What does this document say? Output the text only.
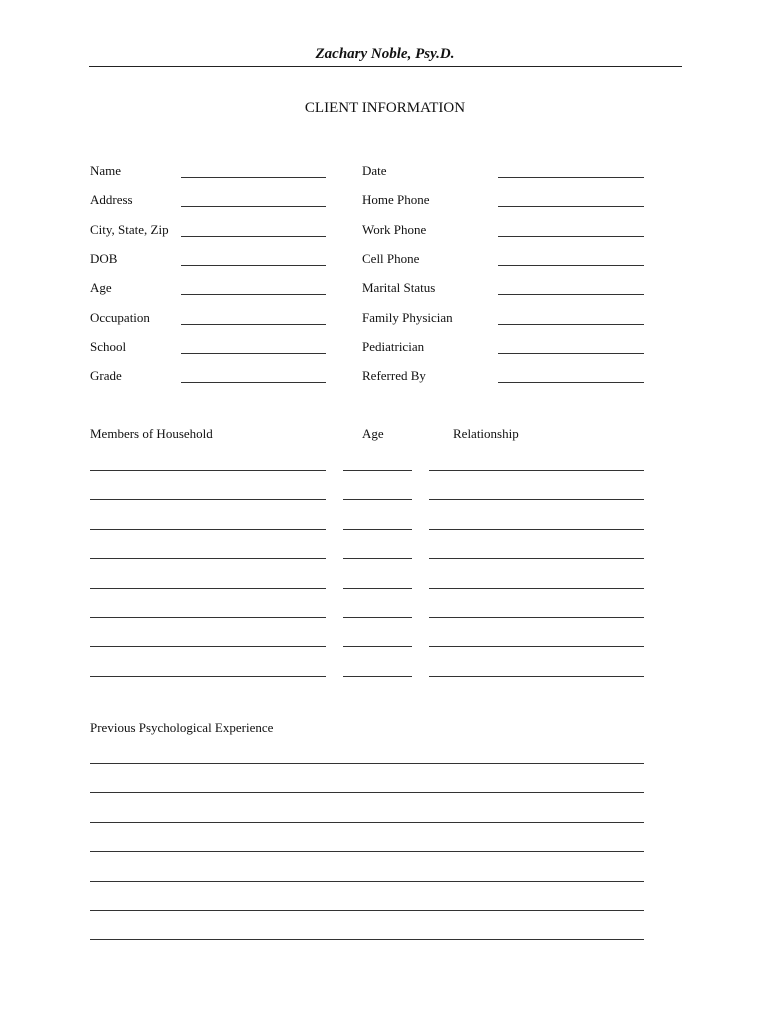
Zachary Noble, Psy.D.
CLIENT INFORMATION
Name
Address
City, State, Zip
DOB
Age
Occupation
School
Grade
Date
Home Phone
Work Phone
Cell Phone
Marital Status
Family Physician
Pediatrician
Referred By
Members of Household	Age	Relationship
Previous Psychological Experience
